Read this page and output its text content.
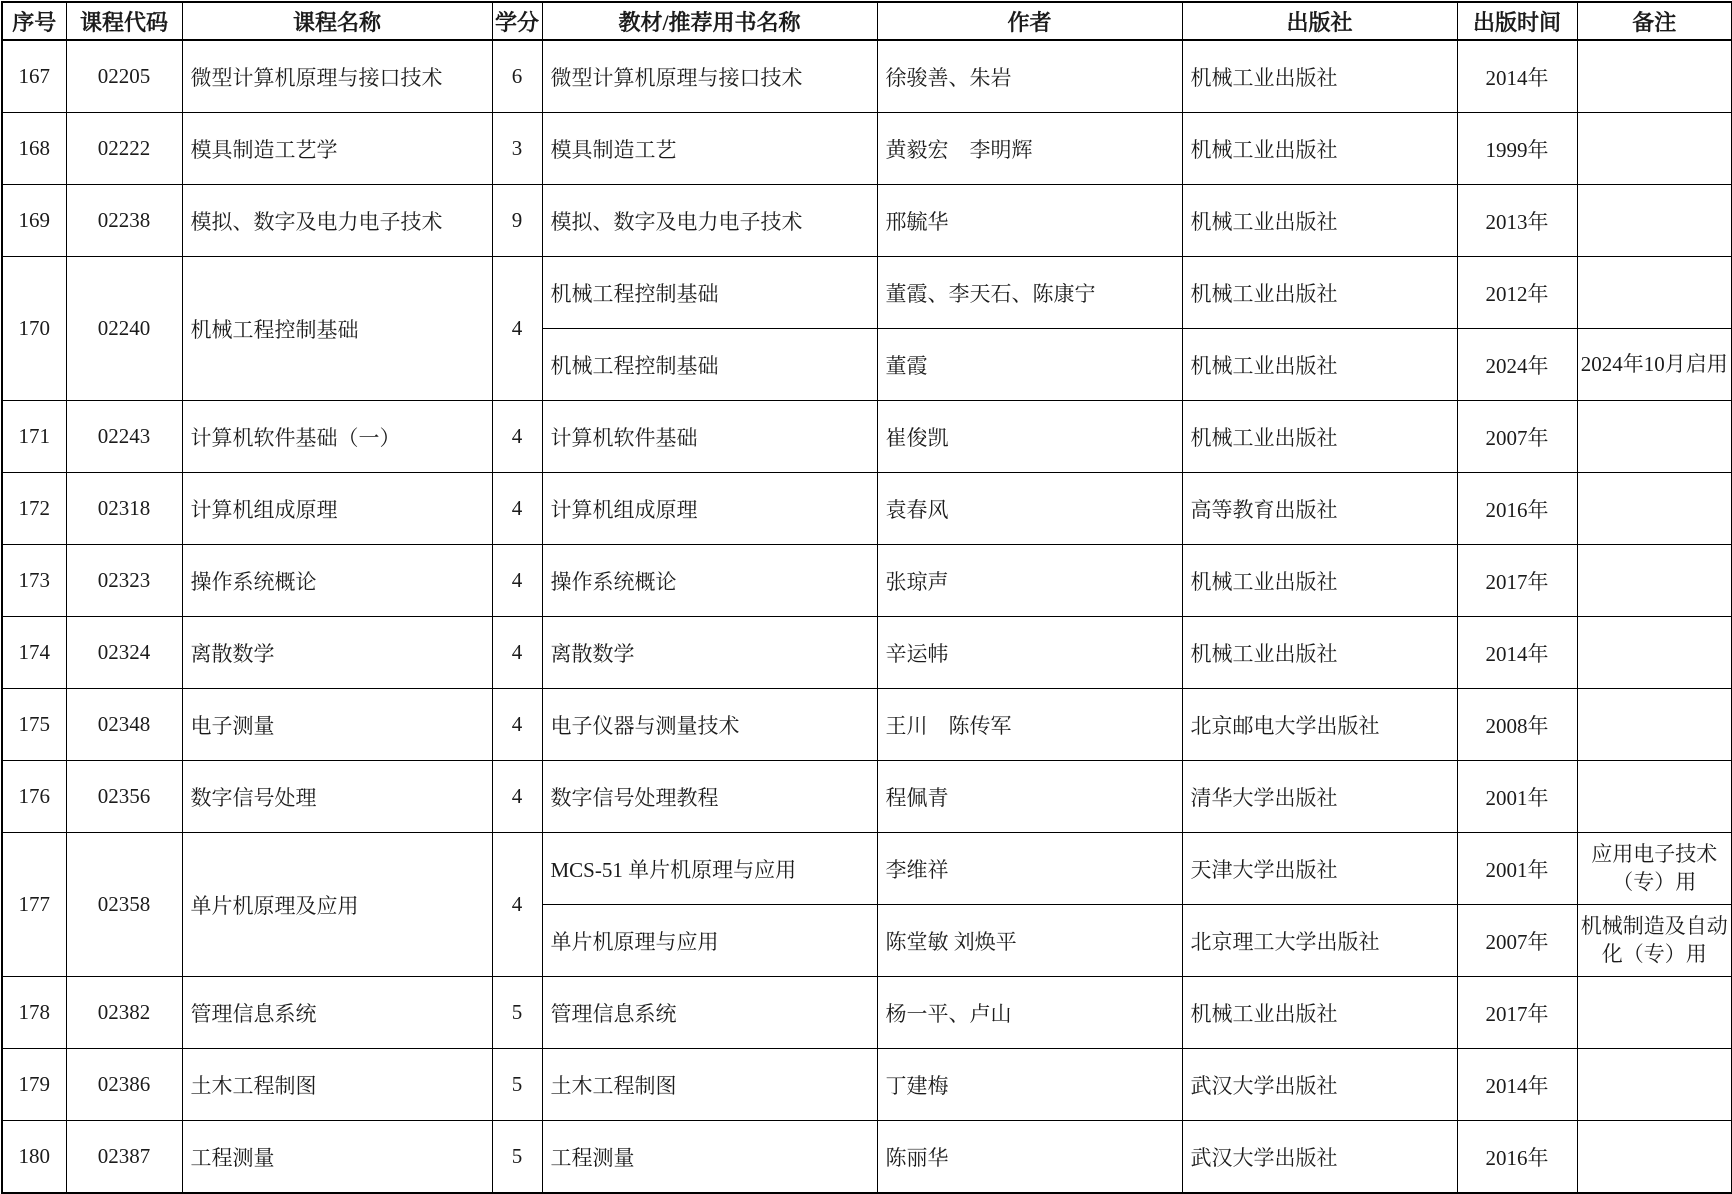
序号	课程代码	课程名称	学分	教材/推荐用书名称	作者	出版社	出版时间	备注
167	02205	微型计算机原理与接口技术	6	微型计算机原理与接口技术	徐骏善、朱岩	机械工业出版社	2014年	
168	02222	模具制造工艺学	3	模具制造工艺	黄毅宏　李明辉	机械工业出版社	1999年	
169	02238	模拟、数字及电力电子技术	9	模拟、数字及电力电子技术	邢毓华	机械工业出版社	2013年	
170	02240	机械工程控制基础	4	机械工程控制基础	董霞、李天石、陈康宁	机械工业出版社	2012年	
				机械工程控制基础	董霞	机械工业出版社	2024年	2024年10月启用
171	02243	计算机软件基础（一）	4	计算机软件基础	崔俊凯	机械工业出版社	2007年	
172	02318	计算机组成原理	4	计算机组成原理	袁春风	高等教育出版社	2016年	
173	02323	操作系统概论	4	操作系统概论	张琼声	机械工业出版社	2017年	
174	02324	离散数学	4	离散数学	辛运帏	机械工业出版社	2014年	
175	02348	电子测量	4	电子仪器与测量技术	王川　陈传军	北京邮电大学出版社	2008年	
176	02356	数字信号处理	4	数字信号处理教程	程佩青	清华大学出版社	2001年	
177	02358	单片机原理及应用	4	MCS-51 单片机原理与应用	李维祥	天津大学出版社	2001年	应用电子技术（专）用
				单片机原理与应用	陈堂敏 刘焕平	北京理工大学出版社	2007年	机械制造及自动化（专）用
178	02382	管理信息系统	5	管理信息系统	杨一平、卢山	机械工业出版社	2017年	
179	02386	土木工程制图	5	土木工程制图	丁建梅	武汉大学出版社	2014年	
180	02387	工程测量	5	工程测量	陈丽华	武汉大学出版社	2016年	
